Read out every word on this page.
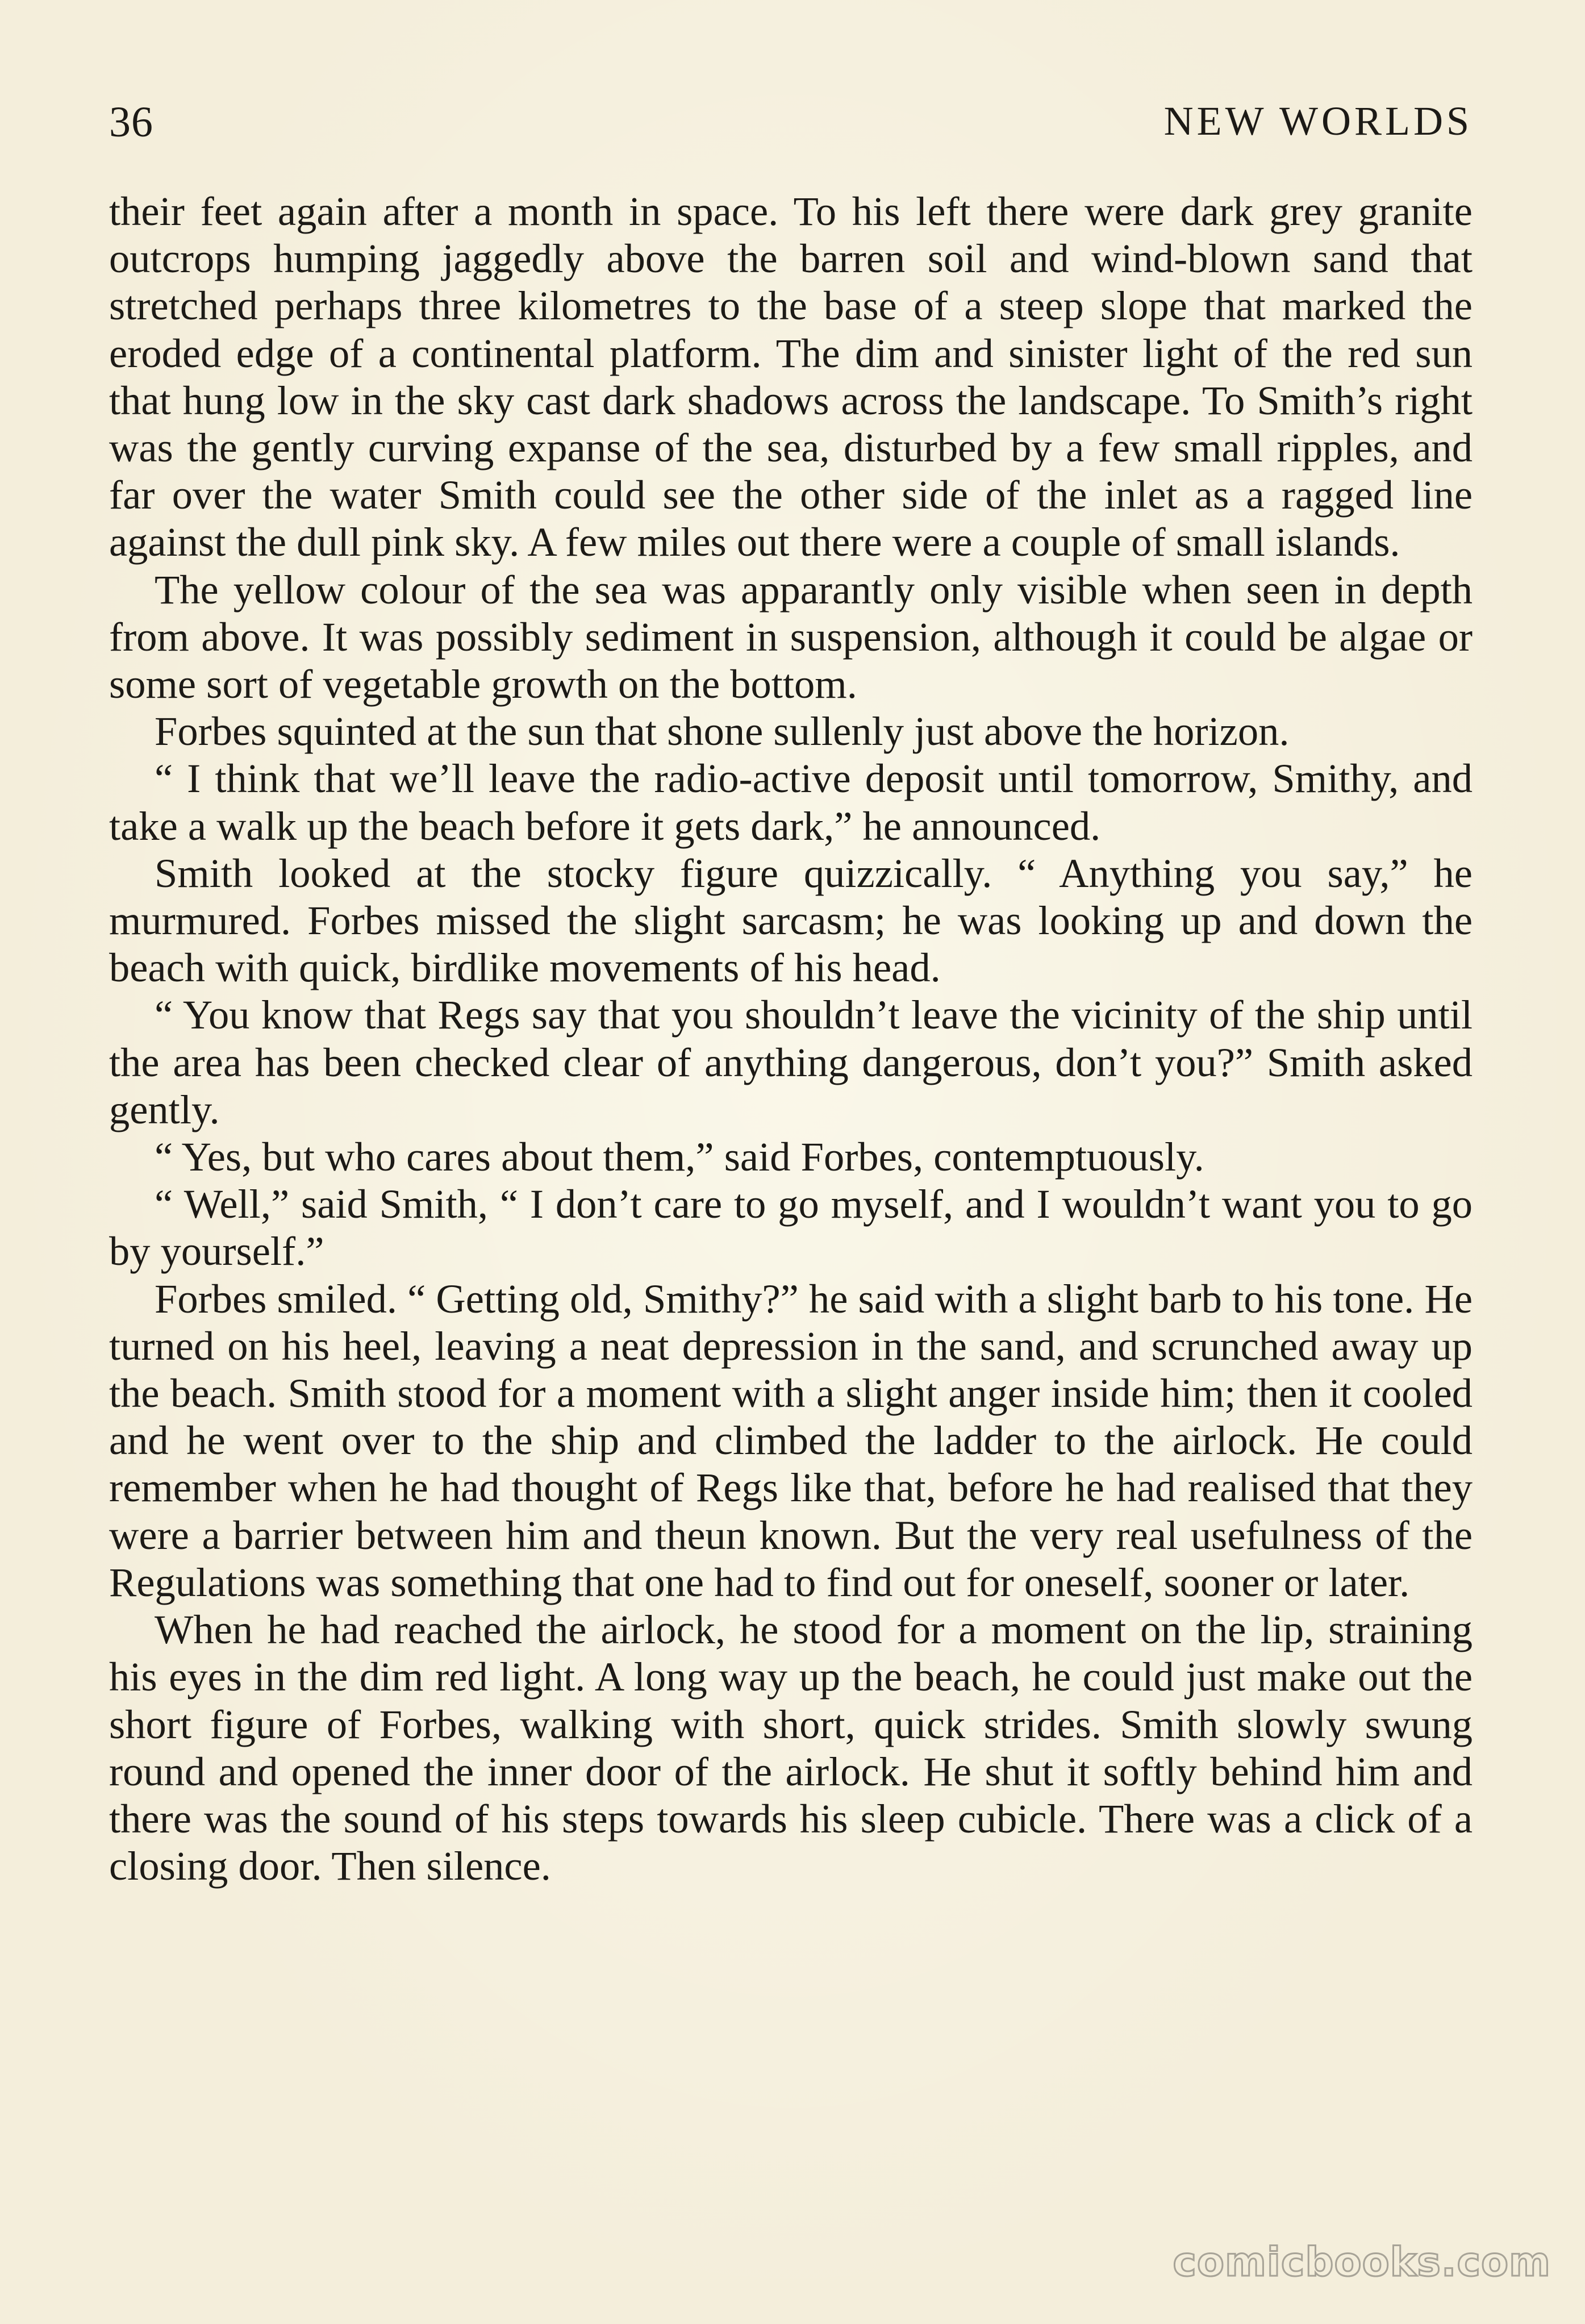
36	NEW WORLDS

their feet again after a month in space. To his left there were dark grey granite outcrops humping jaggedly above the barren soil and wind-blown sand that stretched perhaps three kilometres to the base of a steep slope that marked the eroded edge of a continental platform. The dim and sinister light of the red sun that hung low in the sky cast dark shadows across the landscape. To Smith’s right was the gently curving expanse of the sea, disturbed by a few small ripples, and far over the water Smith could see the other side of the inlet as a ragged line against the dull pink sky. A few miles out there were a couple of small islands.

The yellow colour of the sea was apparantly only visible when seen in depth from above. It was possibly sediment in suspension, although it could be algae or some sort of vegetable growth on the bottom.

Forbes squinted at the sun that shone sullenly just above the horizon.

“ I think that we’ll leave the radio-active deposit until tomorrow, Smithy, and take a walk up the beach before it gets dark,” he announced.

Smith looked at the stocky figure quizzically. “ Anything you say,” he murmured. Forbes missed the slight sarcasm; he was looking up and down the beach with quick, birdlike movements of his head.

“ You know that Regs say that you shouldn’t leave the vicinity of the ship until the area has been checked clear of anything dangerous, don’t you?” Smith asked gently.

“ Yes, but who cares about them,” said Forbes, contemptuously.

“ Well,” said Smith, “ I don’t care to go myself, and I wouldn’t want you to go by yourself.”

Forbes smiled. “ Getting old, Smithy?” he said with a slight barb to his tone. He turned on his heel, leaving a neat depression in the sand, and scrunched away up the beach. Smith stood for a moment with a slight anger inside him; then it cooled and he went over to the ship and climbed the ladder to the airlock. He could remember when he had thought of Regs like that, before he had realised that they were a barrier between him and theun known. But the very real usefulness of the Regulations was something that one had to find out for oneself, sooner or later.

When he had reached the airlock, he stood for a moment on the lip, straining his eyes in the dim red light. A long way up the beach, he could just make out the short figure of Forbes, walking with short, quick strides. Smith slowly swung round and opened the inner door of the airlock. He shut it softly behind him and there was the sound of his steps towards his sleep cubicle. There was a click of a closing door. Then silence.

comicbooks.com
